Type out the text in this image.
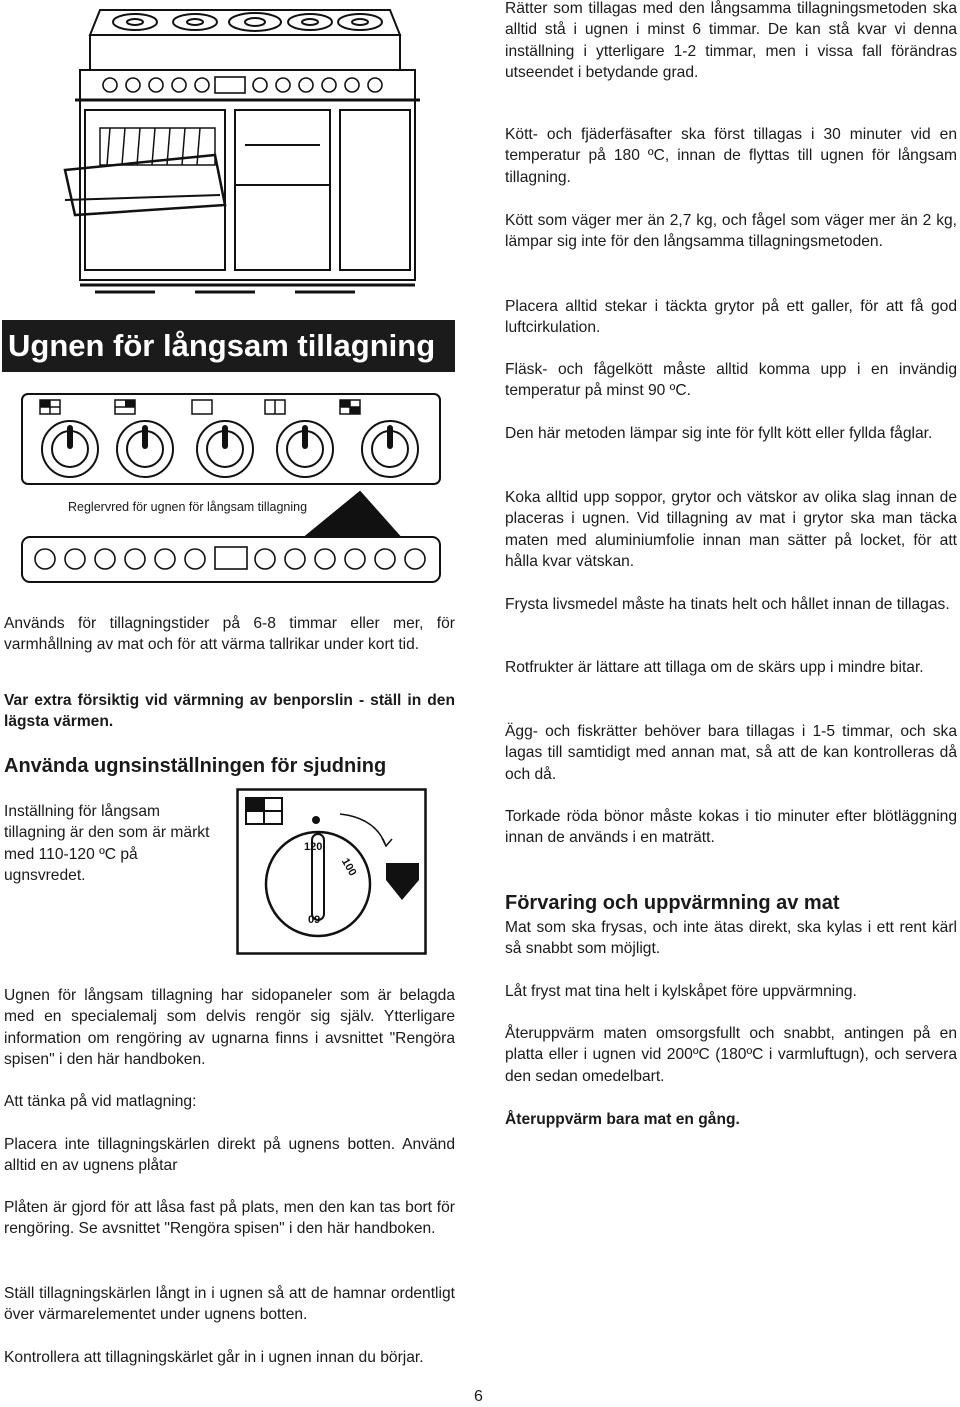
Ugnen för långsam tillagning
Reglervred för ugnen för långsam tillagning

Används för tillagningstider på 6-8 timmar eller mer, för varmhållning av mat och för att värma tallrikar under kort tid.

Var extra försiktig vid värmning av benporslin - ställ in den lägsta värmen.

Använda ugnsinställningen för sjudning

Inställning för långsam tillagning är den som är märkt med 110-120 ºC på ugnsvredet.

120
100
09

Ugnen för långsam tillagning har sidopaneler som är belagda med en specialemalj som delvis rengör sig själv. Ytterligare information om rengöring av ugnarna finns i avsnittet "Rengöra spisen" i den här handboken.

Att tänka på vid matlagning:

Placera inte tillagningskärlen direkt på ugnens botten. Använd alltid en av ugnens plåtar

Plåten är gjord för att låsa fast på plats, men den kan tas bort för rengöring. Se avsnittet "Rengöra spisen" i den här handboken.

Ställ tillagningskärlen långt in i ugnen så att de hamnar ordentligt över värmarelementet under ugnens botten.

Kontrollera att tillagningskärlet går in i ugnen innan du börjar.

Rätter som tillagas med den långsamma tillagningsmetoden ska alltid stå i ugnen i minst 6 timmar. De kan stå kvar vi denna inställning i ytterligare 1-2 timmar, men i vissa fall förändras utseendet i betydande grad.

Kött- och fjäderfäsafter ska först tillagas i 30 minuter vid en temperatur på 180 ºC, innan de flyttas till ugnen för långsam tillagning.

Kött som väger mer än 2,7 kg, och fågel som väger mer än 2 kg, lämpar sig inte för den långsamma tillagningsmetoden.

Placera alltid stekar i täckta grytor på ett galler, för att få god luftcirkulation.

Fläsk- och fågelkött måste alltid komma upp i en invändig temperatur på minst 90 ºC.

Den här metoden lämpar sig inte för fyllt kött eller fyllda fåglar.

Koka alltid upp soppor, grytor och vätskor av olika slag innan de placeras i ugnen. Vid tillagning av mat i grytor ska man täcka maten med aluminiumfolie innan man sätter på locket, för att hålla kvar vätskan.

Frysta livsmedel måste ha tinats helt och hållet innan de tillagas.

Rotfrukter är lättare att tillaga om de skärs upp i mindre bitar.

Ägg- och fiskrätter behöver bara tillagas i 1-5 timmar, och ska lagas till samtidigt med annan mat, så att de kan kontrolleras då och då.

Torkade röda bönor måste kokas i tio minuter efter blötläggning innan de används i en maträtt.

Förvaring och uppvärmning av mat

Mat som ska frysas, och inte ätas direkt, ska kylas i ett rent kärl så snabbt som möjligt.

Låt fryst mat tina helt i kylskåpet före uppvärmning.

Återuppvärm maten omsorgsfullt och snabbt, antingen på en platta eller i ugnen vid 200ºC (180ºC i varmluftugn), och servera den sedan omedelbart.

Återuppvärm bara mat en gång.

6
